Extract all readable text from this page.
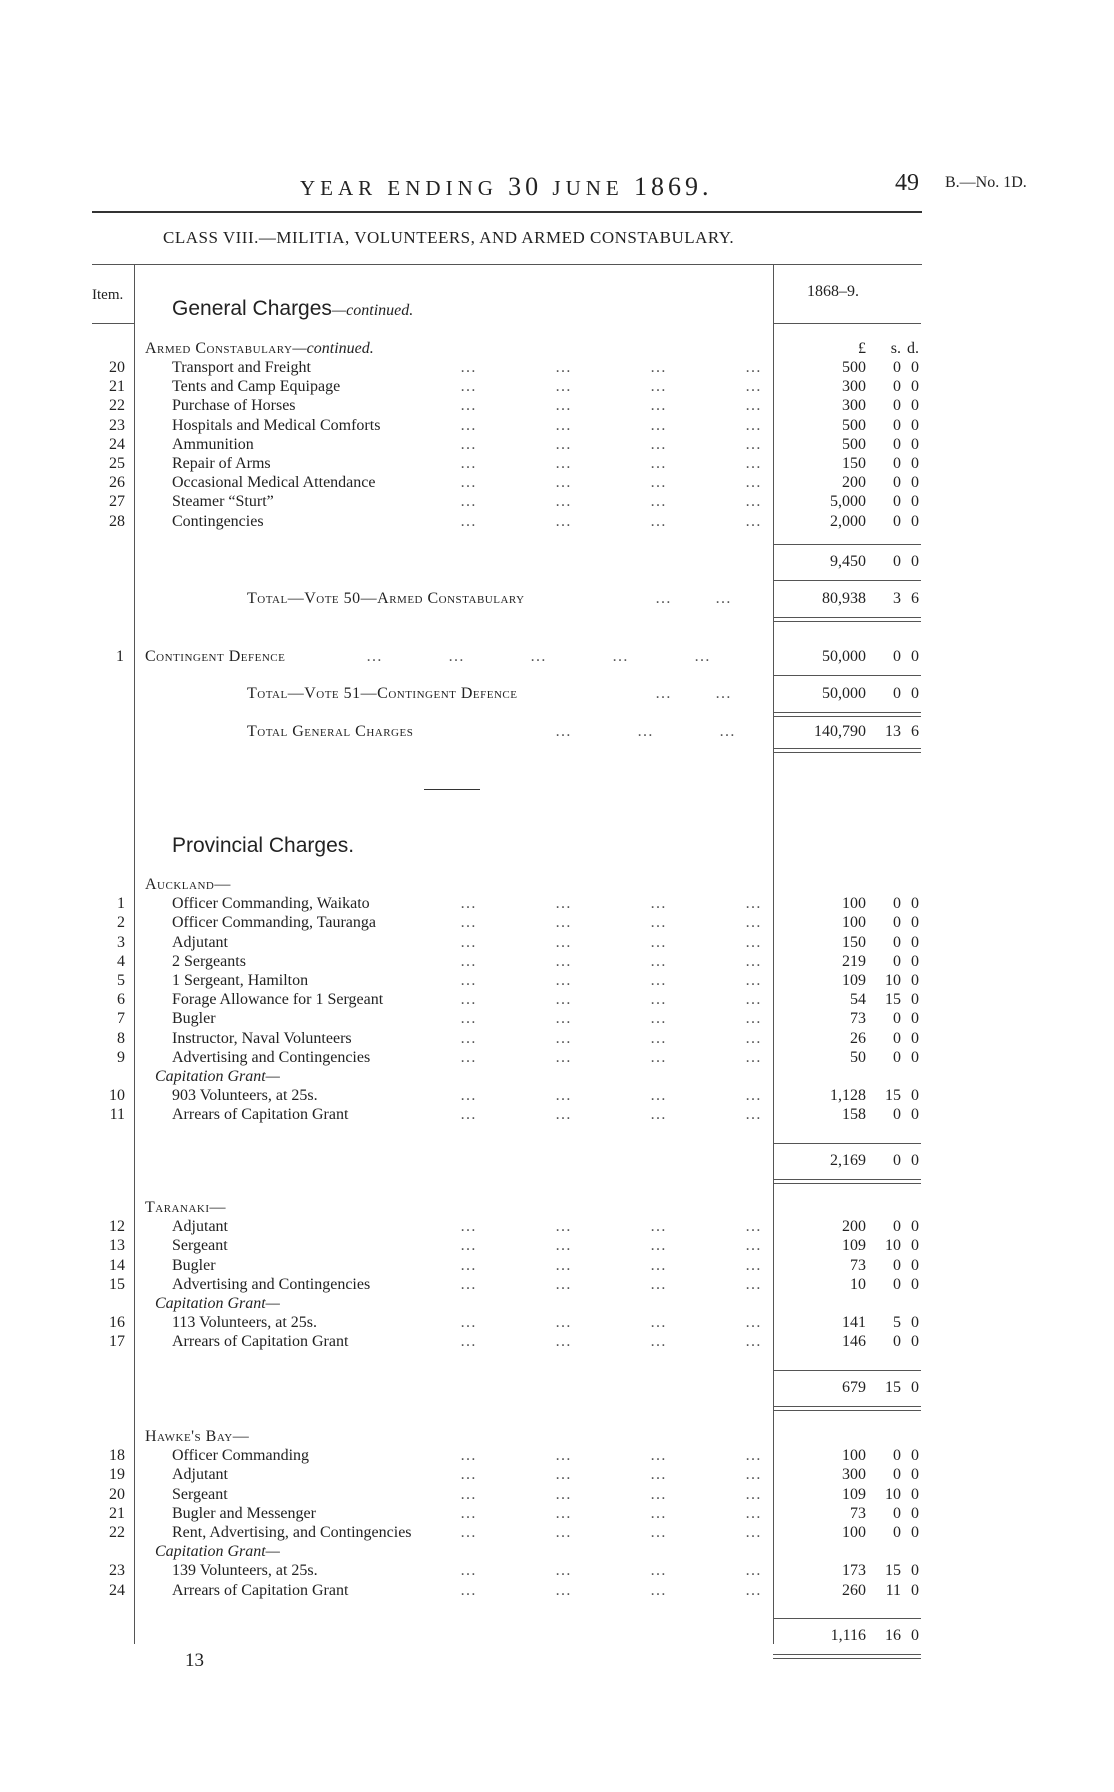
YEAR ENDING 30 JUNE 1869.	49 B.—No. 1D.
CLASS VIII.—MILITIA, VOLUNTEERS, AND ARMED CONSTABULARY.
Item.	1868–9.
General Charges—continued.
Armed Constabulary—continued.	£ s. d.
20	Transport and Freight	…	…	…	…	500 0 0
21	Tents and Camp Equipage	…	…	…	…	300 0 0
22	Purchase of Horses	…	…	…	…	300 0 0
23	Hospitals and Medical Comforts	…	…	…	…	500 0 0
24	Ammunition	…	…	…	…	500 0 0
25	Repair of Arms	…	…	…	…	150 0 0
26	Occasional Medical Attendance	…	…	…	…	200 0 0
27	Steamer “Sturt”	…	…	…	…	5,000 0 0
28	Contingencies	…	…	…	…	2,000 0 0
9,450 0 0
Total—Vote 50—Armed Constabulary	…           …	80,938 3 6
1 Contingent Defence	… … … … …	50,000 0 0
Total—Vote 51—Contingent Defence	…           …	50,000 0 0
Total General Charges	… … …	140,790 13 6
Provincial Charges.
Auckland—
1	Officer Commanding, Waikato	…	…	…	…	100 0 0
2	Officer Commanding, Tauranga	…	…	…	…	100 0 0
3	Adjutant	…	…	…	…	150 0 0
4	2 Sergeants	…	…	…	…	219 0 0
5	1 Sergeant, Hamilton	…	…	…	…	109 10 0
6	Forage Allowance for 1 Sergeant	…	…	…	…	54 15 0
7	Bugler	…	…	…	…	73 0 0
8	Instructor, Naval Volunteers	…	…	…	…	26 0 0
9	Advertising and Contingencies	…	…	…	…	50 0 0
Capitation Grant—
10	903 Volunteers, at 25s.	…	…	…	…	1,128 15 0
11	Arrears of Capitation Grant	…	…	…	…	158 0 0
2,169 0 0
Taranaki—
12	Adjutant	…	…	…	…	200 0 0
13	Sergeant	…	…	…	…	109 10 0
14	Bugler	…	…	…	…	73 0 0
15	Advertising and Contingencies	…	…	…	…	10 0 0
Capitation Grant—
16	113 Volunteers, at 25s.	…	…	…	…	141 5 0
17	Arrears of Capitation Grant	…	…	…	…	146 0 0
679 15 0
Hawke's Bay—
18	Officer Commanding	…	…	…	…	100 0 0
19	Adjutant	…	…	…	…	300 0 0
20	Sergeant	…	…	…	…	109 10 0
21	Bugler and Messenger	…	…	…	…	73 0 0
22	Rent, Advertising, and Contingencies	…	…	…	…	100 0 0
Capitation Grant—
23	139 Volunteers, at 25s.	…	…	…	…	173 15 0
24	Arrears of Capitation Grant	…	…	…	…	260 11 0
1,116 16 0
13
